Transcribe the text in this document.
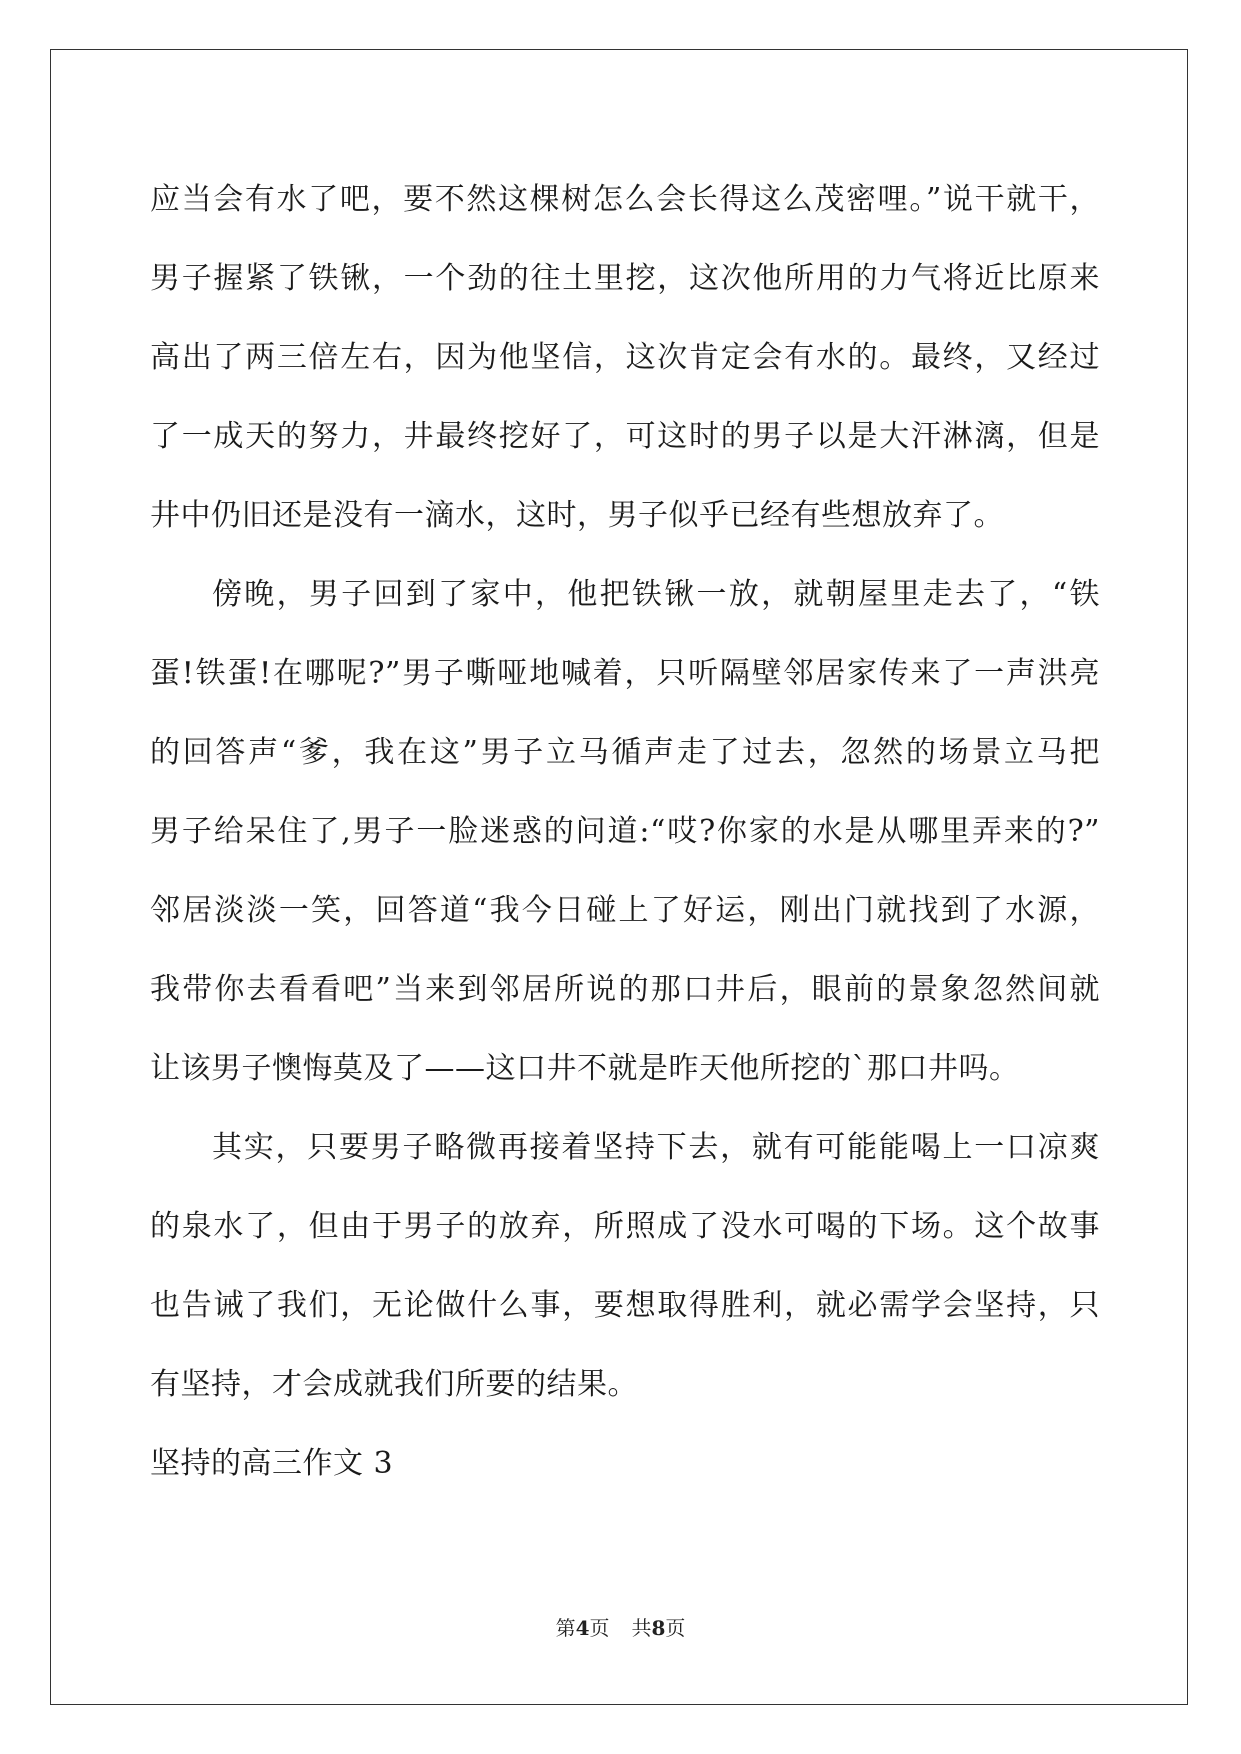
应当会有水了吧，要不然这棵树怎么会长得这么茂密哩。”说干就干，
男子握紧了铁锹，一个劲的往土里挖，这次他所用的力气将近比原来
高出了两三倍左右，因为他坚信，这次肯定会有水的。最终，又经过
了一成天的努力，井最终挖好了，可这时的男子以是大汗淋漓，但是
井中仍旧还是没有一滴水，这时，男子似乎已经有些想放弃了。
傍晚，男子回到了家中，他把铁锹一放，就朝屋里走去了，“铁
蛋!铁蛋!在哪呢?”男子嘶哑地喊着，只听隔壁邻居家传来了一声洪亮
的回答声“爹，我在这”男子立马循声走了过去，忽然的场景立马把
男子给呆住了,男子一脸迷惑的问道:“哎?你家的水是从哪里弄来的?”
邻居淡淡一笑，回答道“我今日碰上了好运，刚出门就找到了水源，
我带你去看看吧”当来到邻居所说的那口井后，眼前的景象忽然间就
让该男子懊悔莫及了——这口井不就是昨天他所挖的`那口井吗。
其实，只要男子略微再接着坚持下去，就有可能能喝上一口凉爽
的泉水了，但由于男子的放弃，所照成了没水可喝的下场。这个故事
也告诫了我们，无论做什么事，要想取得胜利，就必需学会坚持，只
有坚持，才会成就我们所要的结果。
坚持的高三作文 3
第4页 共8页
